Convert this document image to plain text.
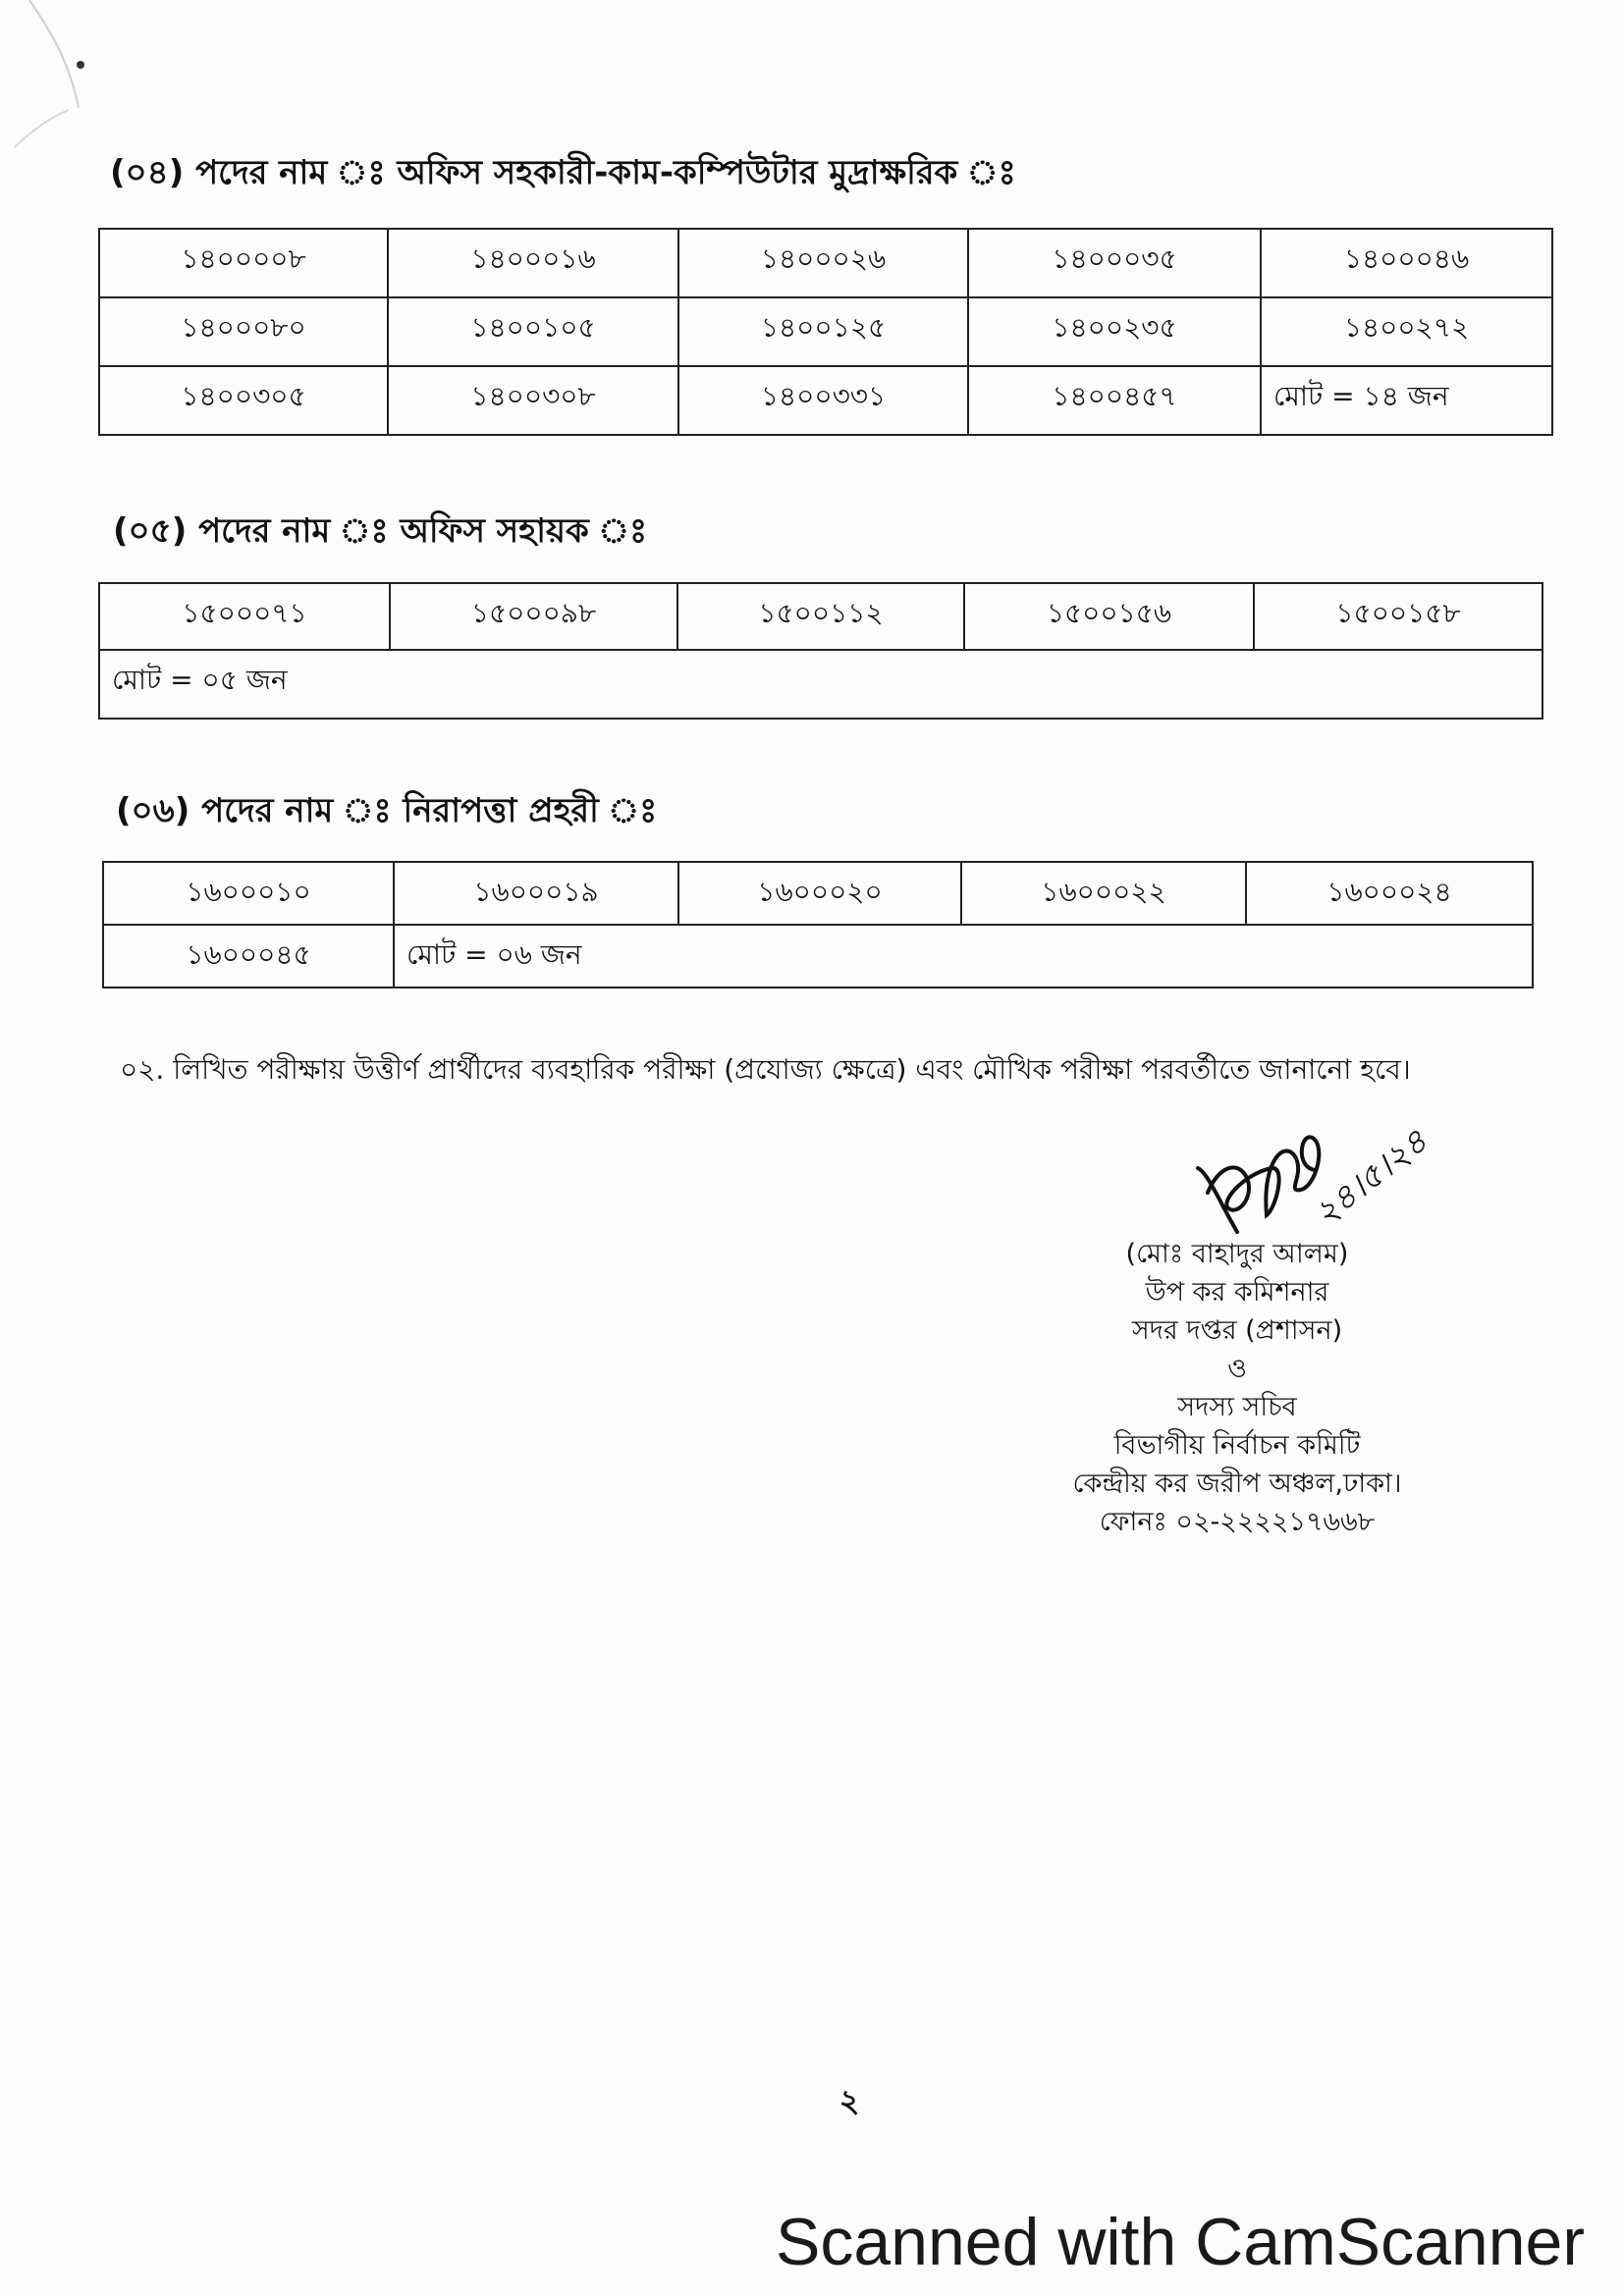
(০৪) পদের নাম ঃ অফিস সহকারী-কাম-কম্পিউটার মুদ্রাক্ষরিক ঃ
১৪০০০০৮	১৪০০০১৬	১৪০০০২৬	১৪০০০৩৫	১৪০০০৪৬
১৪০০০৮০	১৪০০১০৫	১৪০০১২৫	১৪০০২৩৫	১৪০০২৭২
১৪০০৩০৫	১৪০০৩০৮	১৪০০৩৩১	১৪০০৪৫৭	মোট = ১৪ জন
(০৫) পদের নাম ঃ অফিস সহায়ক ঃ
১৫০০০৭১	১৫০০০৯৮	১৫০০১১২	১৫০০১৫৬	১৫০০১৫৮
মোট = ০৫ জন
(০৬) পদের নাম ঃ নিরাপত্তা প্রহরী ঃ
১৬০০০১০	১৬০০০১৯	১৬০০০২০	১৬০০০২২	১৬০০০২৪
১৬০০০৪৫	মোট = ০৬ জন			
০২. লিখিত পরীক্ষায় উত্তীর্ণ প্রার্থীদের ব্যবহারিক পরীক্ষা (প্রযোজ্য ক্ষেত্রে) এবং মৌখিক পরীক্ষা পরবর্তীতে জানানো হবে।
২৪।৫।২৪
(মোঃ বাহাদুর আলম)
উপ কর কমিশনার
সদর দপ্তর (প্রশাসন)
ও
সদস্য সচিব
বিভাগীয় নির্বাচন কমিটি
কেন্দ্রীয় কর জরীপ অঞ্চল,ঢাকা।
ফোনঃ ০২-২২২২১৭৬৬৮
২
Scanned with CamScanner
